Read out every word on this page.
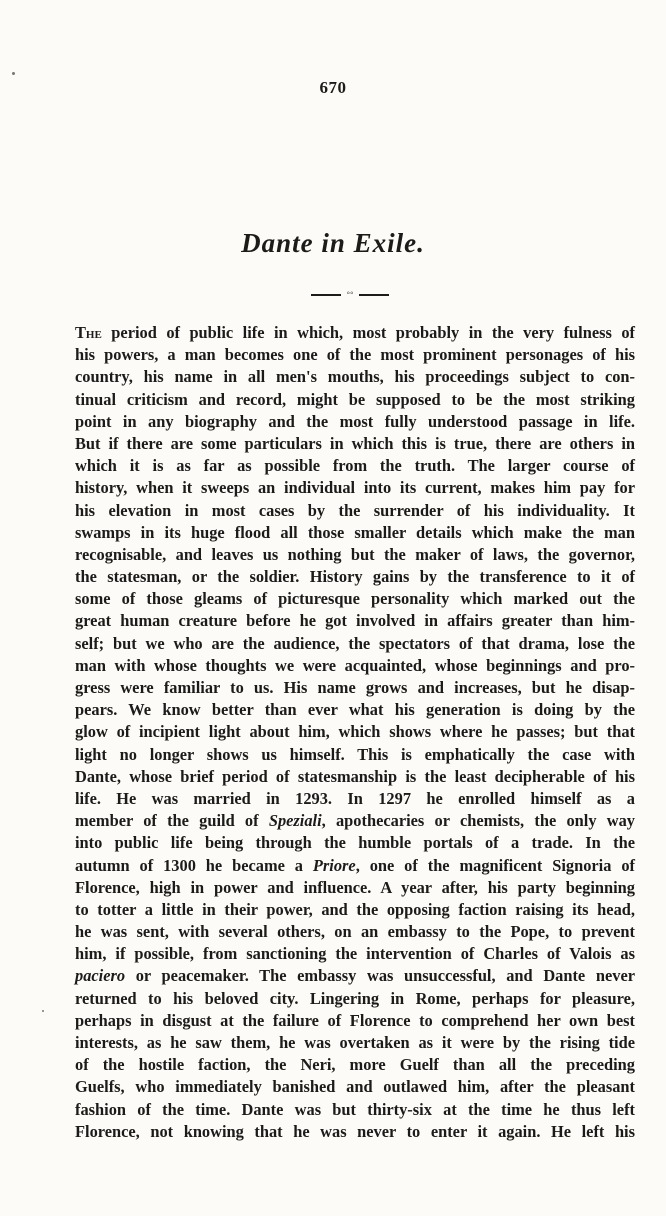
670
Dante in Exile.
◦◦
The period of public life in which, most probably in the very fulness of
his powers, a man becomes one of the most prominent personages of his
country, his name in all men's mouths, his proceedings subject to con-
tinual criticism and record, might be supposed to be the most striking
point in any biography and the most fully understood passage in life.
But if there are some particulars in which this is true, there are others in
which it is as far as possible from the truth. The larger course of
history, when it sweeps an individual into its current, makes him pay for
his elevation in most cases by the surrender of his individuality. It
swamps in its huge flood all those smaller details which make the man
recognisable, and leaves us nothing but the maker of laws, the governor,
the statesman, or the soldier. History gains by the transference to it of
some of those gleams of picturesque personality which marked out the
great human creature before he got involved in affairs greater than him-
self; but we who are the audience, the spectators of that drama, lose the
man with whose thoughts we were acquainted, whose beginnings and pro-
gress were familiar to us. His name grows and increases, but he disap-
pears. We know better than ever what his generation is doing by the
glow of incipient light about him, which shows where he passes; but that
light no longer shows us himself. This is emphatically the case with
Dante, whose brief period of statesmanship is the least decipherable of his
life. He was married in 1293. In 1297 he enrolled himself as a
member of the guild of Speziali, apothecaries or chemists, the only way
into public life being through the humble portals of a trade. In the
autumn of 1300 he became a Priore, one of the magnificent Signoria of
Florence, high in power and influence. A year after, his party beginning
to totter a little in their power, and the opposing faction raising its head,
he was sent, with several others, on an embassy to the Pope, to prevent
him, if possible, from sanctioning the intervention of Charles of Valois as
paciero or peacemaker. The embassy was unsuccessful, and Dante never
returned to his beloved city. Lingering in Rome, perhaps for pleasure,
perhaps in disgust at the failure of Florence to comprehend her own best
interests, as he saw them, he was overtaken as it were by the rising tide
of the hostile faction, the Neri, more Guelf than all the preceding
Guelfs, who immediately banished and outlawed him, after the pleasant
fashion of the time. Dante was but thirty-six at the time he thus left
Florence, not knowing that he was never to enter it again. He left his
